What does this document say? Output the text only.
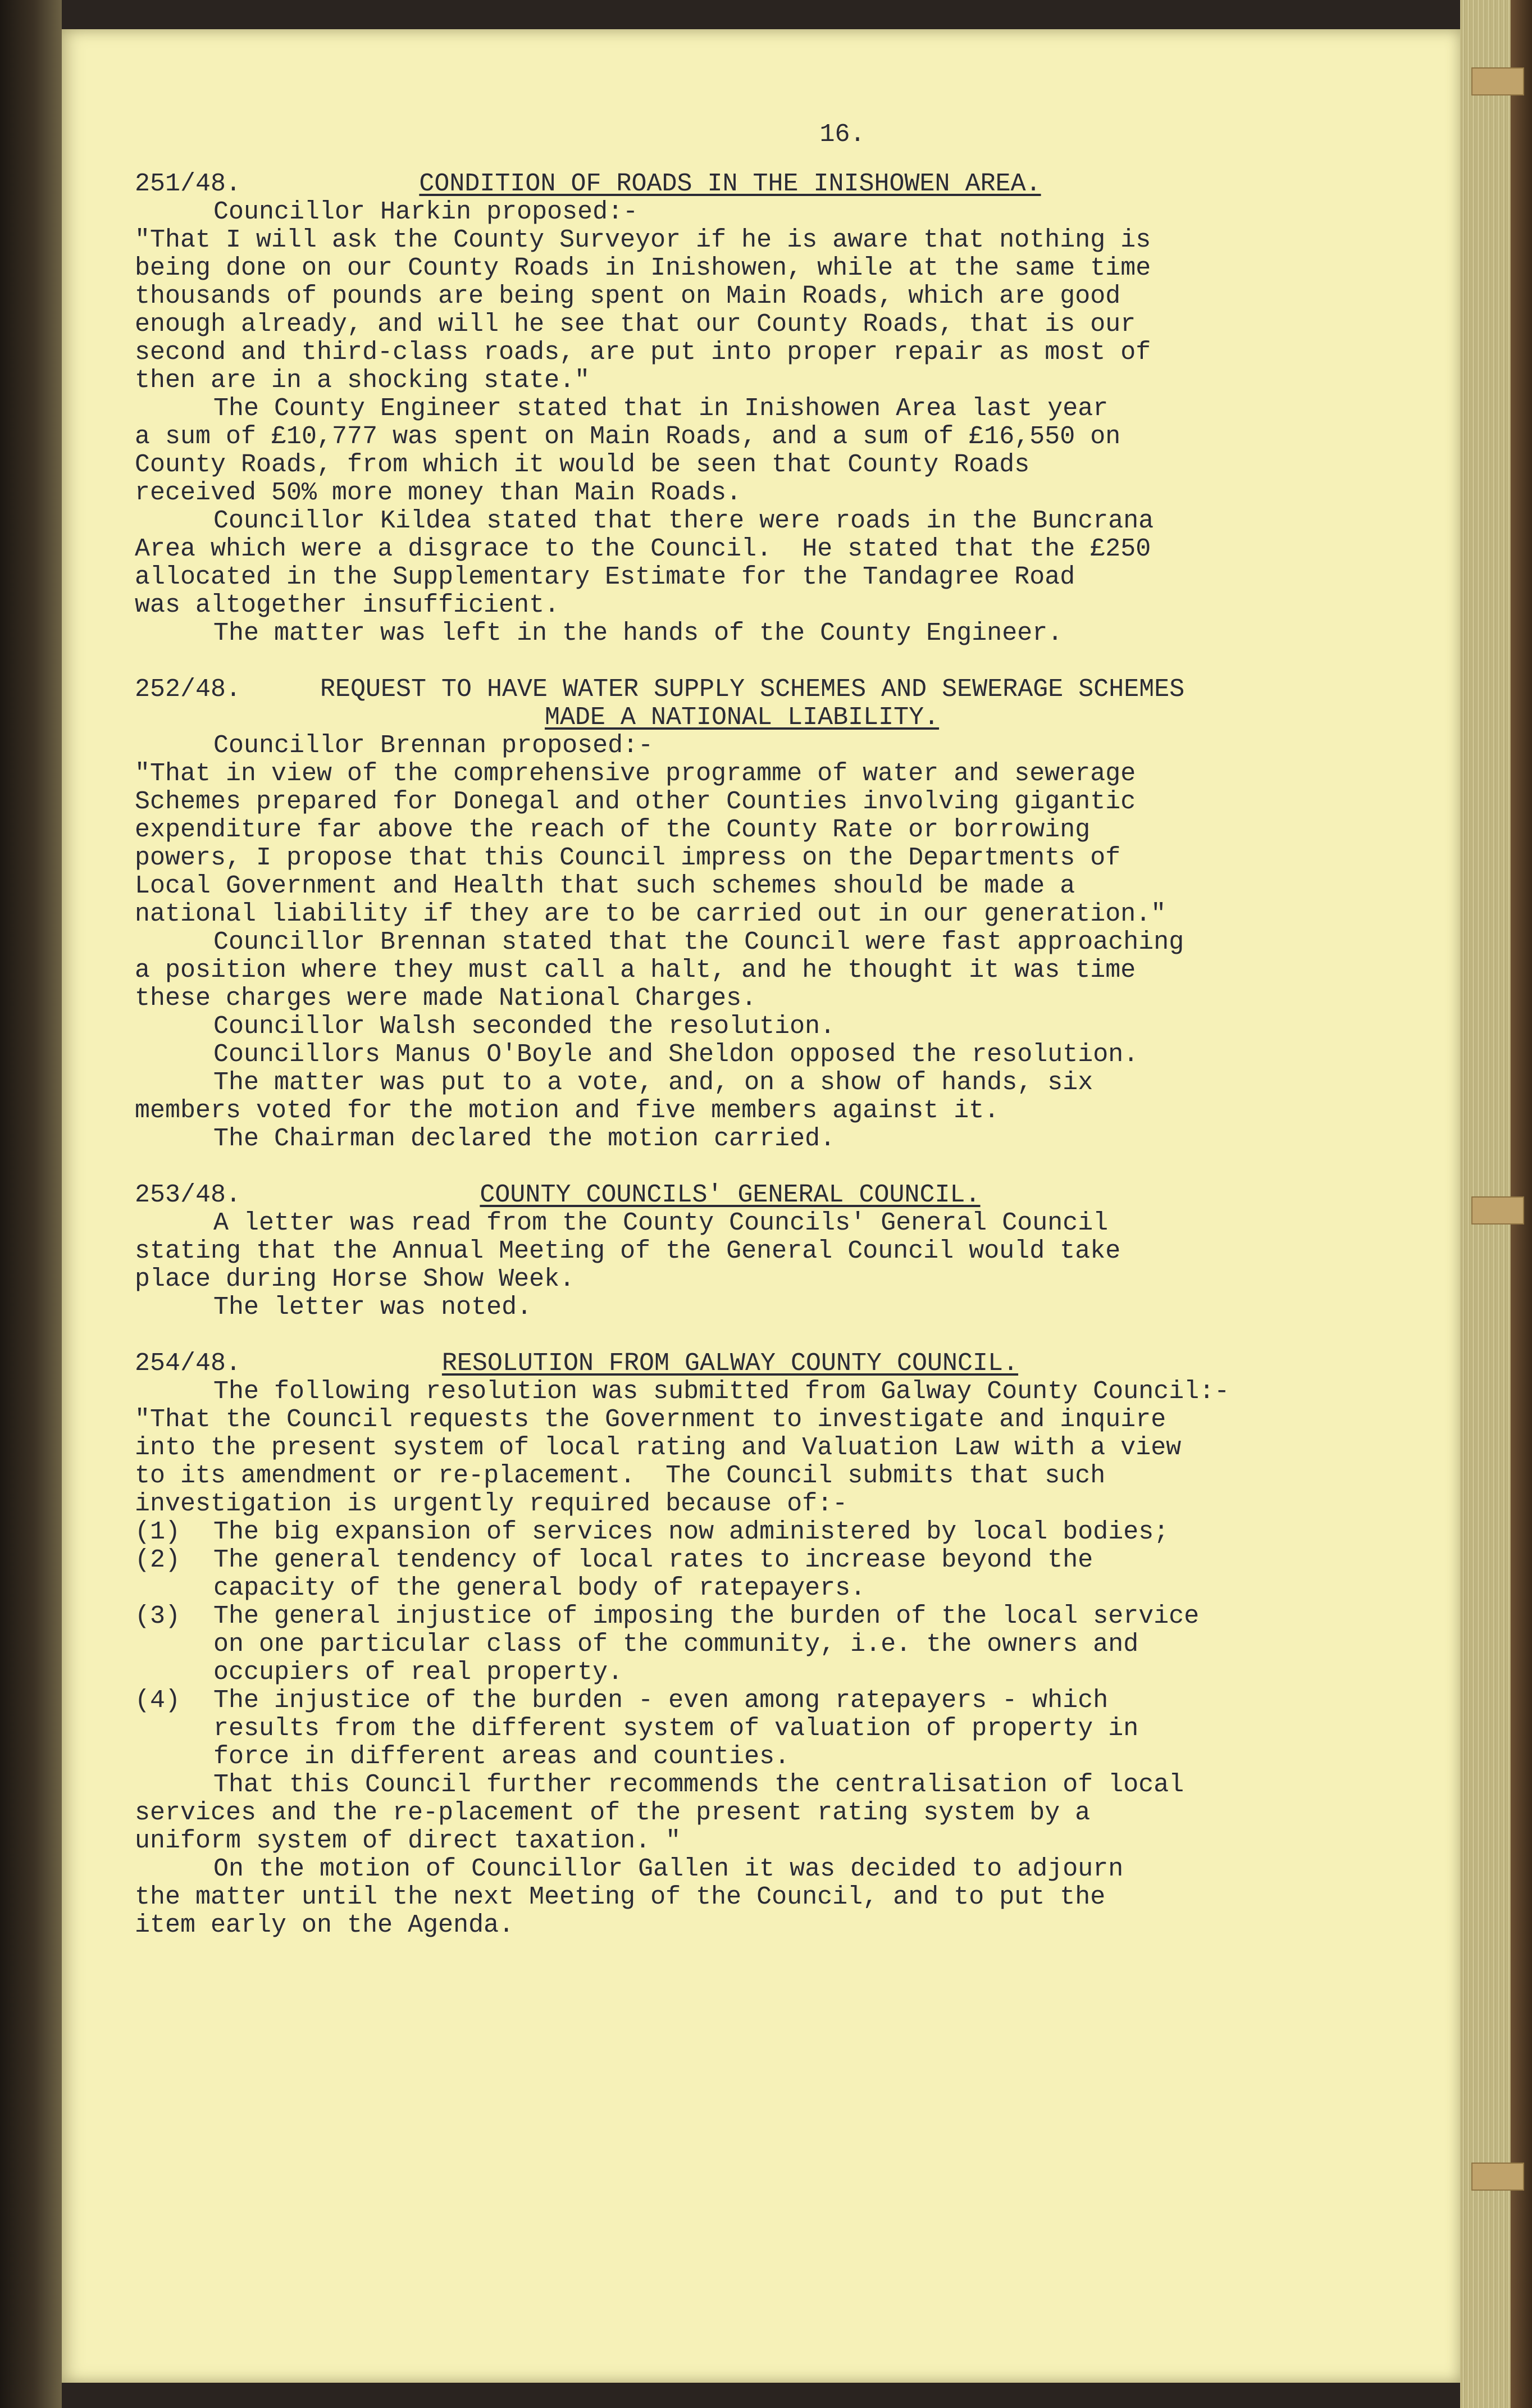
16.
251/48.	CONDITION OF ROADS IN THE INISHOWEN AREA.
Councillor Harkin proposed:-
"That I will ask the County Surveyor if he is aware that nothing is
being done on our County Roads in Inishowen, while at the same time
thousands of pounds are being spent on Main Roads, which are good
enough already, and will he see that our County Roads, that is our
second and third-class roads, are put into proper repair as most of
then are in a shocking state."
The County Engineer stated that in Inishowen Area last year
a sum of £10,777 was spent on Main Roads, and a sum of £16,550 on
County Roads, from which it would be seen that County Roads
received 50% more money than Main Roads.
Councillor Kildea stated that there were roads in the Buncrana
Area which were a disgrace to the Council.  He stated that the £250
allocated in the Supplementary Estimate for the Tandagree Road
was altogether insufficient.
The matter was left in the hands of the County Engineer.
252/48.	REQUEST TO HAVE WATER SUPPLY SCHEMES AND SEWERAGE SCHEMES
MADE A NATIONAL LIABILITY.
Councillor Brennan proposed:-
"That in view of the comprehensive programme of water and sewerage
Schemes prepared for Donegal and other Counties involving gigantic
expenditure far above the reach of the County Rate or borrowing
powers, I propose that this Council impress on the Departments of
Local Government and Health that such schemes should be made a
national liability if they are to be carried out in our generation."
Councillor Brennan stated that the Council were fast approaching
a position where they must call a halt, and he thought it was time
these charges were made National Charges.
Councillor Walsh seconded the resolution.
Councillors Manus O'Boyle and Sheldon opposed the resolution.
The matter was put to a vote, and, on a show of hands, six
members voted for the motion and five members against it.
The Chairman declared the motion carried.
253/48.	COUNTY COUNCILS' GENERAL COUNCIL.
A letter was read from the County Councils' General Council
stating that the Annual Meeting of the General Council would take
place during Horse Show Week.
The letter was noted.
254/48.	RESOLUTION FROM GALWAY COUNTY COUNCIL.
The following resolution was submitted from Galway County Council:-
"That the Council requests the Government to investigate and inquire
into the present system of local rating and Valuation Law with a view
to its amendment or re-placement.  The Council submits that such
investigation is urgently required because of:-
(1)	The big expansion of services now administered by local bodies;
(2)	The general tendency of local rates to increase beyond the
capacity of the general body of ratepayers.
(3)	The general injustice of imposing the burden of the local service
on one particular class of the community, i.e. the owners and
occupiers of real property.
(4)	The injustice of the burden - even among ratepayers - which
results from the different system of valuation of property in
force in different areas and counties.
That this Council further recommends the centralisation of local
services and the re-placement of the present rating system by a
uniform system of direct taxation. "
On the motion of Councillor Gallen it was decided to adjourn
the matter until the next Meeting of the Council, and to put the
item early on the Agenda.
